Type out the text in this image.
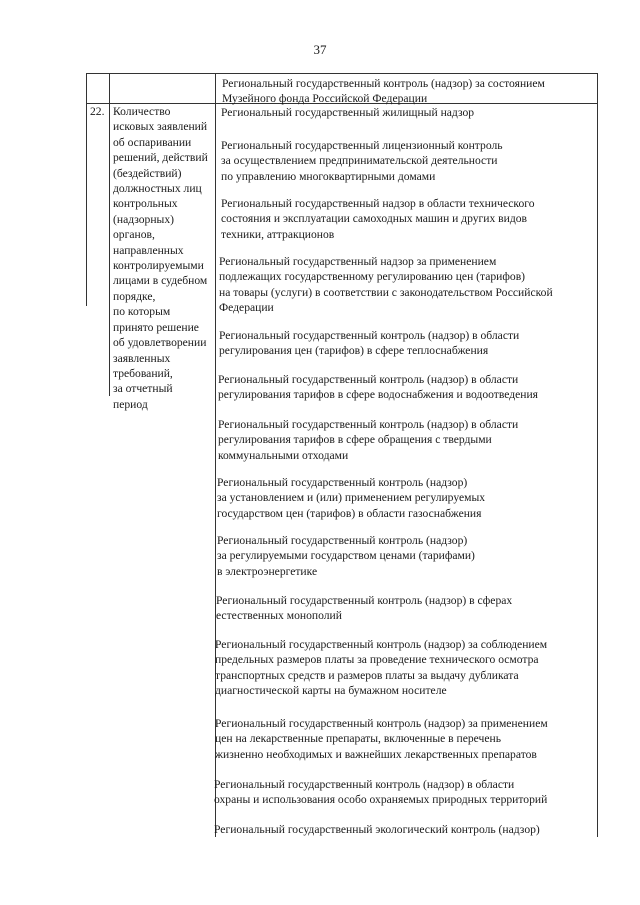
37
Региональный государственный контроль (надзор) за состоянием
Музейного фонда Российской Федерации
22. Количество
исковых заявлений
об оспаривании
решений, действий
(бездействий)
должностных лиц
контрольных
(надзорных)
органов,
направленных
контролируемыми
лицами в судебном
порядке,
по которым
принято решение
об удовлетворении
заявленных
требований,
за отчетный
период
Региональный государственный жилищный надзор
Региональный государственный лицензионный контроль
за осуществлением предпринимательской деятельности
по управлению многоквартирными домами
Региональный государственный надзор в области технического
состояния и эксплуатации самоходных машин и других видов
техники, аттракционов
Региональный государственный надзор за применением
подлежащих государственному регулированию цен (тарифов)
на товары (услуги) в соответствии с законодательством Российской
Федерации
Региональный государственный контроль (надзор) в области
регулирования цен (тарифов) в сфере теплоснабжения
Региональный государственный контроль (надзор) в области
регулирования тарифов в сфере водоснабжения и водоотведения
Региональный государственный контроль (надзор) в области
регулирования тарифов в сфере обращения с твердыми
коммунальными отходами
Региональный государственный контроль (надзор)
за установлением и (или) применением регулируемых
государством цен (тарифов) в области газоснабжения
Региональный государственный контроль (надзор)
за регулируемыми государством ценами (тарифами)
в электроэнергетике
Региональный государственный контроль (надзор) в сферах
естественных монополий
Региональный государственный контроль (надзор) за соблюдением
предельных размеров платы за проведение технического осмотра
транспортных средств и размеров платы за выдачу дубликата
диагностической карты на бумажном носителе
Региональный государственный контроль (надзор) за применением
цен на лекарственные препараты, включенные в перечень
жизненно необходимых и важнейших лекарственных препаратов
Региональный государственный контроль (надзор) в области
охраны и использования особо охраняемых природных территорий
Региональный государственный экологический контроль (надзор)
